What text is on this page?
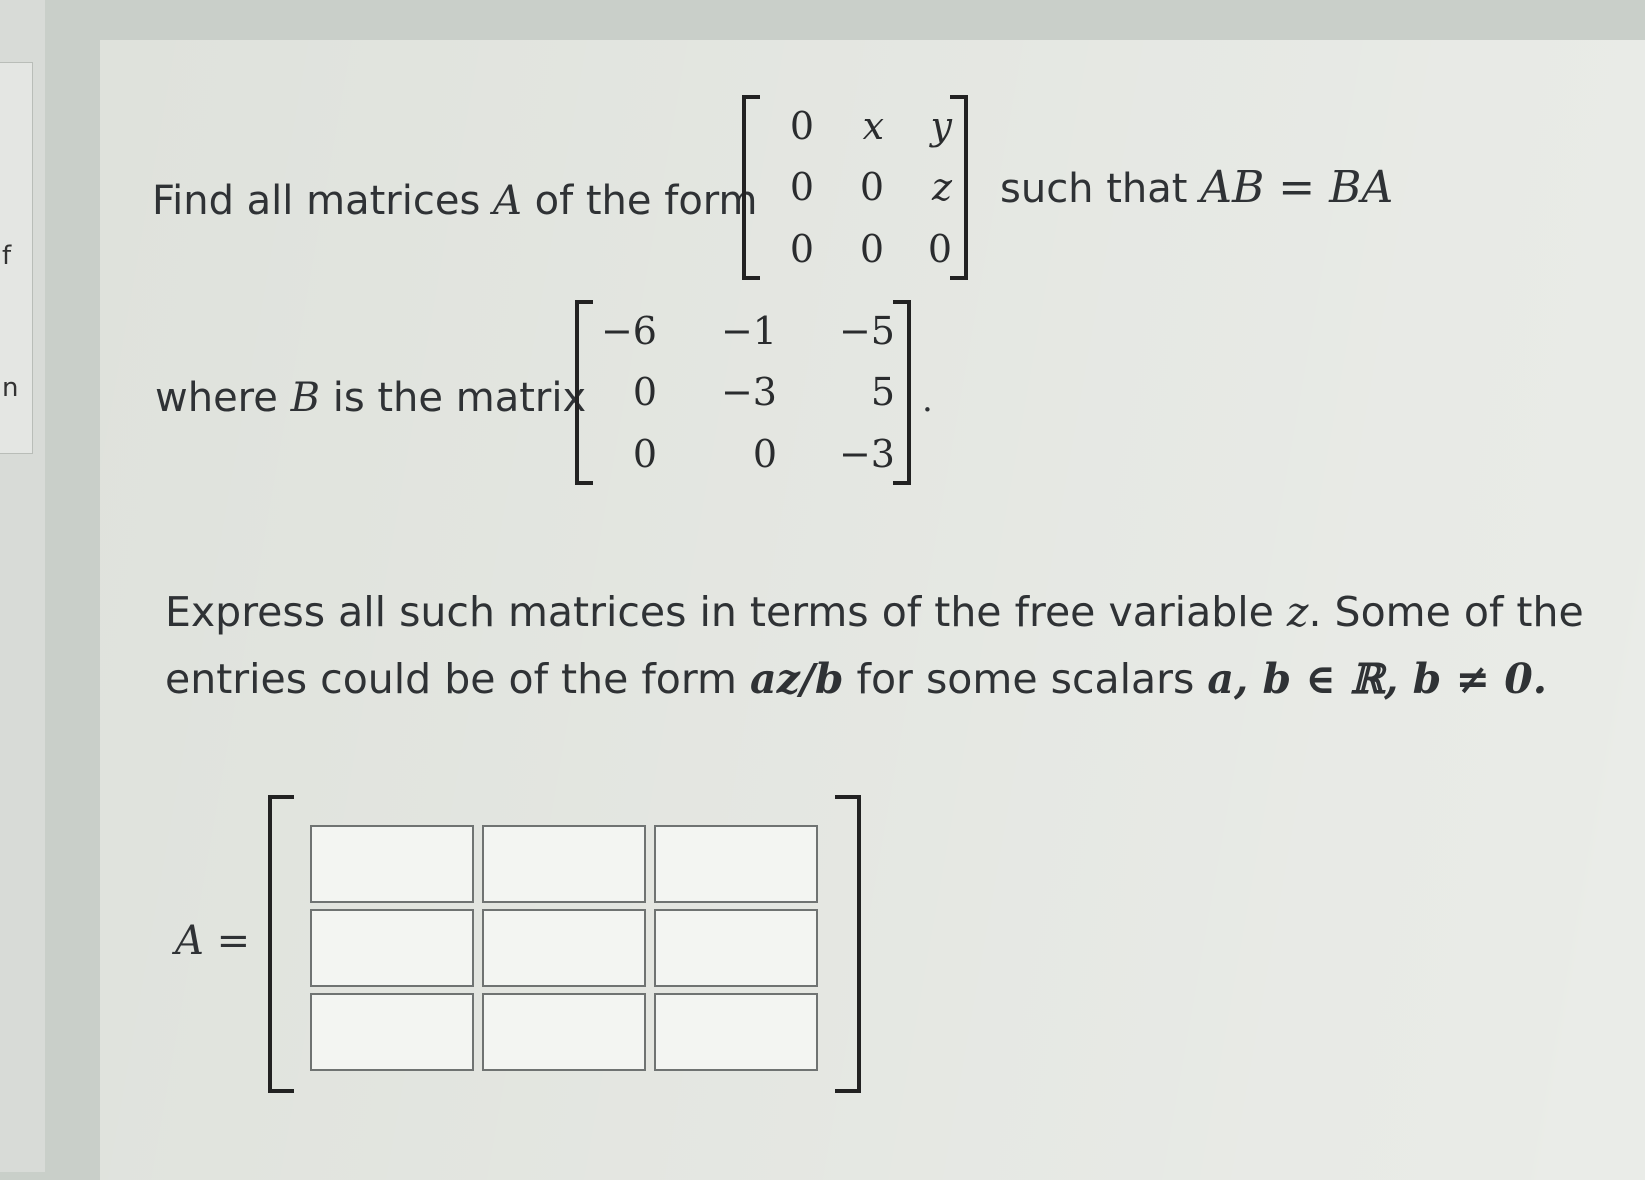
f
n
Find all matrices A of the form
0	x	y
0	0	z
0	0	0
such that AB = BA
where B is the matrix
−6	−1	−5
0	−3	5
0	0	−3
.
Express all such matrices in terms of the free variable z. Some of the
entries could be of the form az/b for some scalars a, b ∈ ℝ, b ≠ 0.
A =
